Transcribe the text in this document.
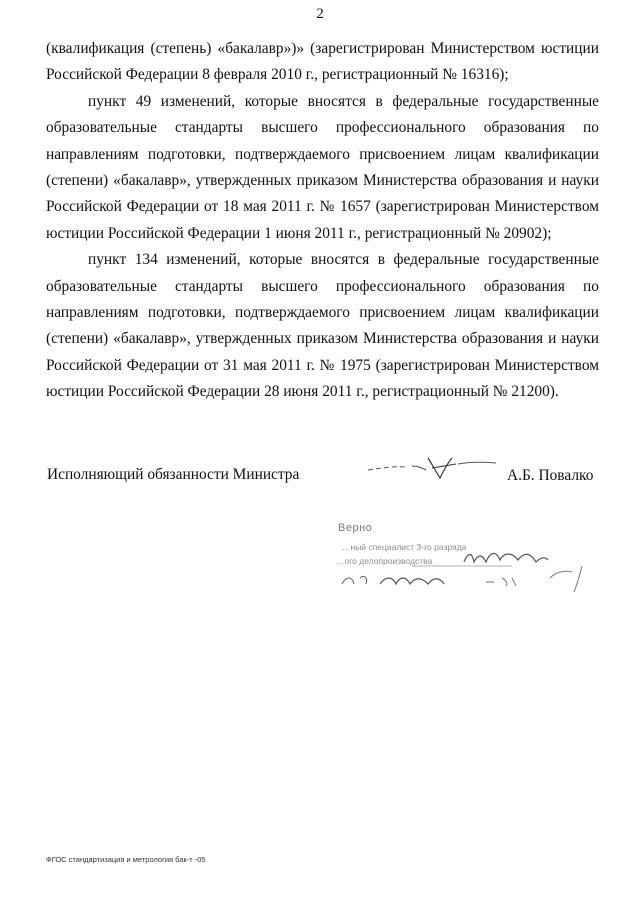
2

(квалификация (степень) «бакалавр»)» (зарегистрирован Министерством юстиции Российской Федерации 8 февраля 2010 г., регистрационный № 16316);

пункт 49 изменений, которые вносятся в федеральные государственные образовательные стандарты высшего профессионального образования по направлениям подготовки, подтверждаемого присвоением лицам квалификации (степени) «бакалавр», утвержденных приказом Министерства образования и науки Российской Федерации от 18 мая 2011 г. № 1657 (зарегистрирован Министерством юстиции Российской Федерации 1 июня 2011 г., регистрационный № 20902);

пункт 134 изменений, которые вносятся в федеральные государственные образовательные стандарты высшего профессионального образования по направлениям подготовки, подтверждаемого присвоением лицам квалификации (степени) «бакалавр», утвержденных приказом Министерства образования и науки Российской Федерации от 31 мая 2011 г. № 1975 (зарегистрирован Министерством юстиции Российской Федерации 28 июня 2011 г., регистрационный № 21200).

Исполняющий обязанности Министра	А.Б. Повалко
Верно
…ный специалист 3-го разряда
…ого делопроизводства
ФГОС стандартизация и метрология бак-т -05
